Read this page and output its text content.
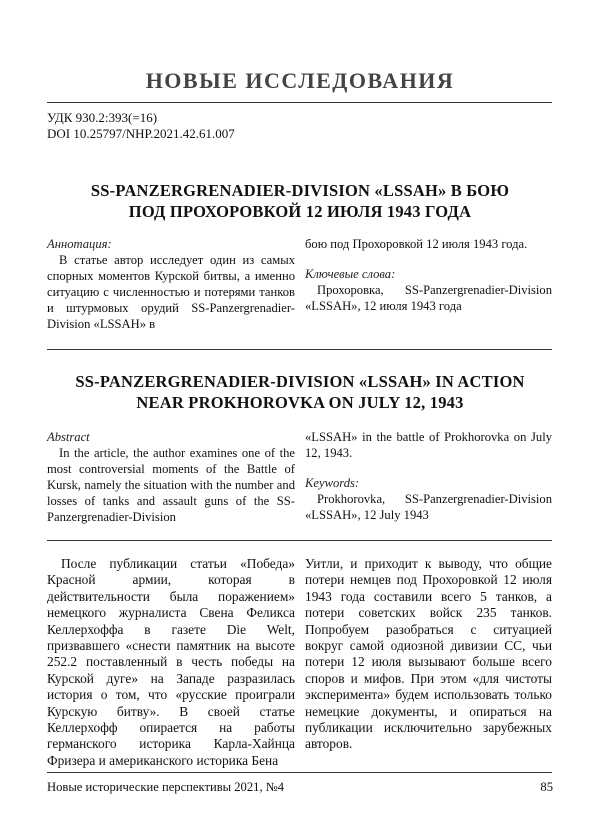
НОВЫЕ ИССЛЕДОВАНИЯ
УДК 930.2:393(=16)
DOI 10.25797/NHP.2021.42.61.007
SS-PANZERGRENADIER-DIVISION «LSSAH» В БОЮ
ПОД ПРОХОРОВКОЙ 12 ИЮЛЯ 1943 ГОДА
Аннотация:

В статье автор исследует один из самых спорных моментов Курской битвы, а именно ситуацию с численностью и потерями танков и штурмовых орудий SS-Panzergrenadier-Division «LSSAH» в

бою под Прохоровкой 12 июля 1943 года.

Ключевые слова:

Прохоровка, SS-Panzergrenadier-Division «LSSAH», 12 июля 1943 года

SS-PANZERGRENADIER-DIVISION «LSSAH» IN ACTION
NEAR PROKHOROVKA ON JULY 12, 1943
Abstract

In the article, the author examines one of the most controversial moments of the Battle of Kursk, namely the situation with the number and losses of tanks and assault guns of the SS-Panzergrenadier-Division

«LSSAH» in the battle of Prokhorovka on July 12, 1943.

Keywords:

Prokhorovka, SS-Panzergrenadier-Division «LSSAH», 12 July 1943

После публикации статьи «Победа» Красной армии, которая в действительности была поражением» немецкого журналиста Свена Феликса Келлерхоффа в газете Die Welt, призвавшего «снести памятник на высоте 252.2 поставленный в честь победы на Курской дуге» на Западе разразилась история о том, что «русские проиграли Курскую битву». В своей статье Келлерхофф опирается на работы германского историка Карла-Хайнца Фризера и американского историка Бена

Уитли, и приходит к выводу, что общие потери немцев под Прохоровкой 12 июля 1943 года составили всего 5 танков, а потери советских войск 235 танков. Попробуем разобраться с ситуацией вокруг самой одиозной дивизии СС, чьи потери 12 июля вызывают больше всего споров и мифов. При этом «для чистоты эксперимента» будем использовать только немецкие документы, и опираться на публикации исключительно зарубежных авторов.

Новые исторические перспективы 2021, №4	85
